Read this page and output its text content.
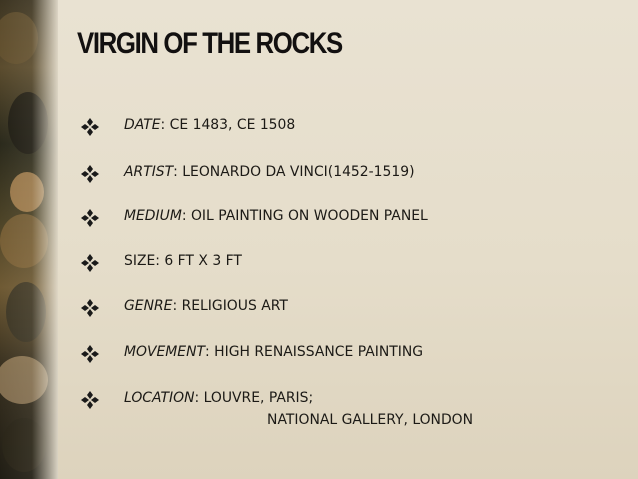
VIRGIN OF THE ROCKS
DATE: CE 1483, CE 1508
ARTIST: LEONARDO DA VINCI(1452-1519)
MEDIUM: OIL PAINTING ON WOODEN PANEL
SIZE: 6 FT X 3 FT
GENRE: RELIGIOUS ART
MOVEMENT: HIGH RENAISSANCE PAINTING
LOCATION: LOUVRE, PARIS;
NATIONAL GALLERY, LONDON
